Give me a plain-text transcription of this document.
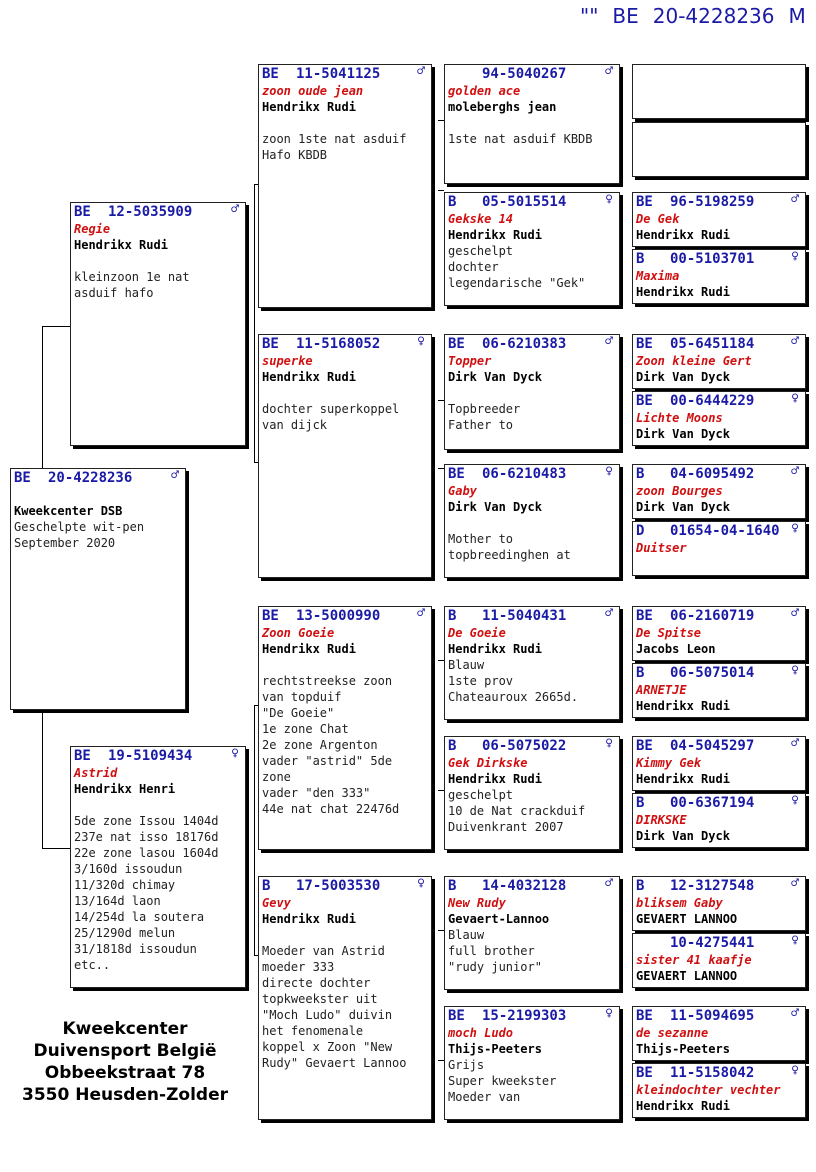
"" BE 20-4228236 M
BE 20-4228236	♂
Kweekcenter DSB
Geschelpte wit-pen
September 2020
BE 12-5035909	♂
Regie
Hendrikx Rudi
kleinzoon 1e nat
asduif hafo
BE 19-5109434	♀
Astrid
Hendrikx Henri
5de zone Issou 1404d
237e nat isso 18176d
22e zone lasou 1604d
3/160d issoudun
11/320d chimay
13/164d laon
14/254d la soutera
25/1290d melun
31/1818d issoudun
etc..
BE 11-5041125	♂
zoon oude jean
Hendrikx Rudi
zoon 1ste nat asduif
Hafo KBDB
BE 11-5168052	♀
superke
Hendrikx Rudi
dochter superkoppel
van dijck
BE 13-5000990	♂
Zoon Goeie
Hendrikx Rudi
rechtstreekse zoon
van topduif
"De Goeie"
1e zone Chat
2e zone Argenton
vader "astrid" 5de
zone
vader "den 333"
44e nat chat 22476d
B 17-5003530	♀
Gevy
Hendrikx Rudi
Moeder van Astrid
moeder 333
directe dochter
topkweekster uit
"Moch Ludo" duivin
het fenomenale
koppel x Zoon "New
Rudy" Gevaert Lannoo
94-5040267	♂
golden ace
moleberghs jean
1ste nat asduif KBDB
B 05-5015514	♀
Gekske 14
Hendrikx Rudi
geschelpt
dochter
legendarische "Gek"
BE 06-6210383	♂
Topper
Dirk Van Dyck
Topbreeder
Father to
BE 06-6210483	♀
Gaby
Dirk Van Dyck
Mother to
topbreedinghen at
B 11-5040431	♂
De Goeie
Hendrikx Rudi
Blauw
1ste prov
Chateauroux 2665d.
B 06-5075022	♀
Gek Dirkske
Hendrikx Rudi
geschelpt
10 de Nat crackduif
Duivenkrant 2007
B 14-4032128	♂
New Rudy
Gevaert-Lannoo
Blauw
full brother
"rudy junior"
BE 15-2199303	♀
moch Ludo
Thijs-Peeters
Grijs
Super kweekster
Moeder van
BE 96-5198259	♂
De Gek
Hendrikx Rudi
B 00-5103701	♀
Maxima
Hendrikx Rudi
BE 05-6451184	♂
Zoon kleine Gert
Dirk Van Dyck
BE 00-6444229	♀
Lichte Moons
Dirk Van Dyck
B 04-6095492	♂
zoon Bourges
Dirk Van Dyck
D 01654-04-1640 ♀
Duitser
BE 06-2160719	♂
De Spitse
Jacobs Leon
B 06-5075014	♀
ARNETJE
Hendrikx Rudi
BE 04-5045297	♂
Kimmy Gek
Hendrikx Rudi
B 00-6367194	♀
DIRKSKE
Dirk Van Dyck
B 12-3127548	♂
bliksem Gaby
GEVAERT LANNOO
10-4275441	♀
sister 41 kaafje
GEVAERT LANNOO
BE 11-5094695	♂
de sezanne
Thijs-Peeters
BE 11-5158042	♀
kleindochter vechter
Hendrikx Rudi
Kweekcenter
Duivensport België
Obbeekstraat 78
3550 Heusden-Zolder
